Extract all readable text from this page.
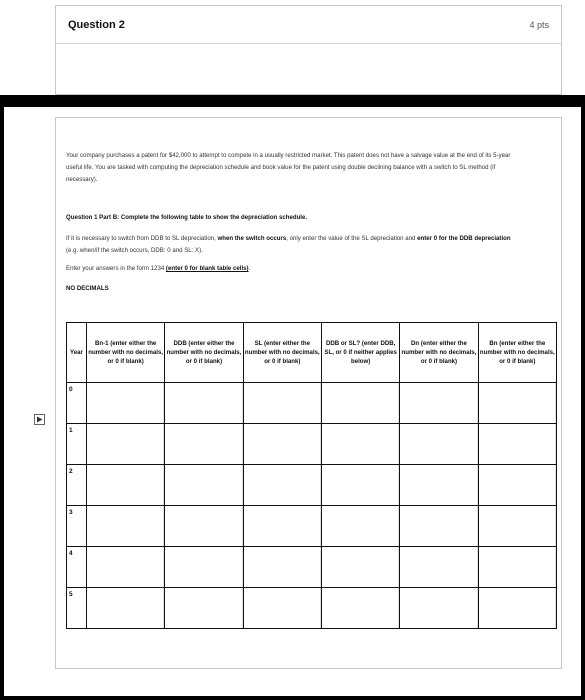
Question 2	4 pts
Your company purchases a patent for $42,000 to attempt to compete in a usually restricted market. This patent does not have a salvage value at the end of its 5-year useful life. You are tasked with computing the depreciation schedule and book value for the patent using double declining balance with a switch to SL method (if necessary).
Question 1 Part B: Complete the following table to show the depreciation schedule.
If it is necessary to switch from DDB to SL depreciation, when the switch occurs, only enter the value of the SL depreciation and enter 0 for the DDB depreciation (e.g. when/if the switch occurs, DDB: 0 and SL: X).
Enter your answers in the form 1234 (enter 0 for blank table cells).
NO DECIMALS
Year	Bn-1 (enter either the number with no decimals, or 0 if blank)	DDB (enter either the number with no decimals, or 0 if blank)	SL (enter either the number with no decimals, or 0 if blank)	DDB or SL? (enter DDB, SL, or 0 if neither applies below)	Dn (enter either the number with no decimals, or 0 if blank)	Bn (enter either the number with no decimals, or 0 if blank)
0	

1	

2	

3	

4	

5	
